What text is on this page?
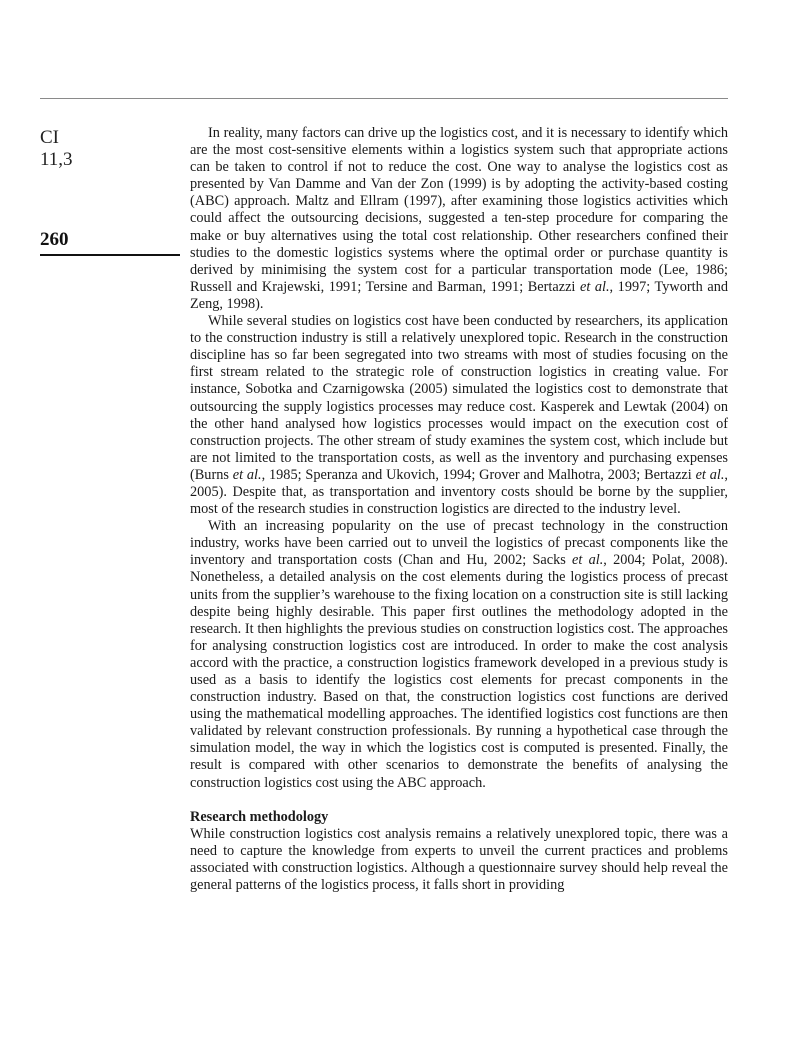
CI
11,3
260

In reality, many factors can drive up the logistics cost, and it is necessary to identify which are the most cost-sensitive elements within a logistics system such that appropriate actions can be taken to control if not to reduce the cost. One way to analyse the logistics cost as presented by Van Damme and Van der Zon (1999) is by adopting the activity-based costing (ABC) approach. Maltz and Ellram (1997), after examining those logistics activities which could affect the outsourcing decisions, suggested a ten-step procedure for comparing the make or buy alternatives using the total cost relationship. Other researchers confined their studies to the domestic logistics systems where the optimal order or purchase quantity is derived by minimising the system cost for a particular transportation mode (Lee, 1986; Russell and Krajewski, 1991; Tersine and Barman, 1991; Bertazzi et al., 1997; Tyworth and Zeng, 1998).

While several studies on logistics cost have been conducted by researchers, its application to the construction industry is still a relatively unexplored topic. Research in the construction discipline has so far been segregated into two streams with most of studies focusing on the first stream related to the strategic role of construction logistics in creating value. For instance, Sobotka and Czarnigowska (2005) simulated the logistics cost to demonstrate that outsourcing the supply logistics processes may reduce cost. Kasperek and Lewtak (2004) on the other hand analysed how logistics processes would impact on the execution cost of construction projects. The other stream of study examines the system cost, which include but are not limited to the transportation costs, as well as the inventory and purchasing expenses (Burns et al., 1985; Speranza and Ukovich, 1994; Grover and Malhotra, 2003; Bertazzi et al., 2005). Despite that, as transportation and inventory costs should be borne by the supplier, most of the research studies in construction logistics are directed to the industry level.

With an increasing popularity on the use of precast technology in the construction industry, works have been carried out to unveil the logistics of precast components like the inventory and transportation costs (Chan and Hu, 2002; Sacks et al., 2004; Polat, 2008). Nonetheless, a detailed analysis on the cost elements during the logistics process of precast units from the supplier’s warehouse to the fixing location on a construction site is still lacking despite being highly desirable. This paper first outlines the methodology adopted in the research. It then highlights the previous studies on construction logistics cost. The approaches for analysing construction logistics cost are introduced. In order to make the cost analysis accord with the practice, a construction logistics framework developed in a previous study is used as a basis to identify the logistics cost elements for precast components in the construction industry. Based on that, the construction logistics cost functions are derived using the mathematical modelling approaches. The identified logistics cost functions are then validated by relevant construction professionals. By running a hypothetical case through the simulation model, the way in which the logistics cost is computed is presented. Finally, the result is compared with other scenarios to demonstrate the benefits of analysing the construction logistics cost using the ABC approach.

Research methodology

While construction logistics cost analysis remains a relatively unexplored topic, there was a need to capture the knowledge from experts to unveil the current practices and problems associated with construction logistics. Although a questionnaire survey should help reveal the general patterns of the logistics process, it falls short in providing
